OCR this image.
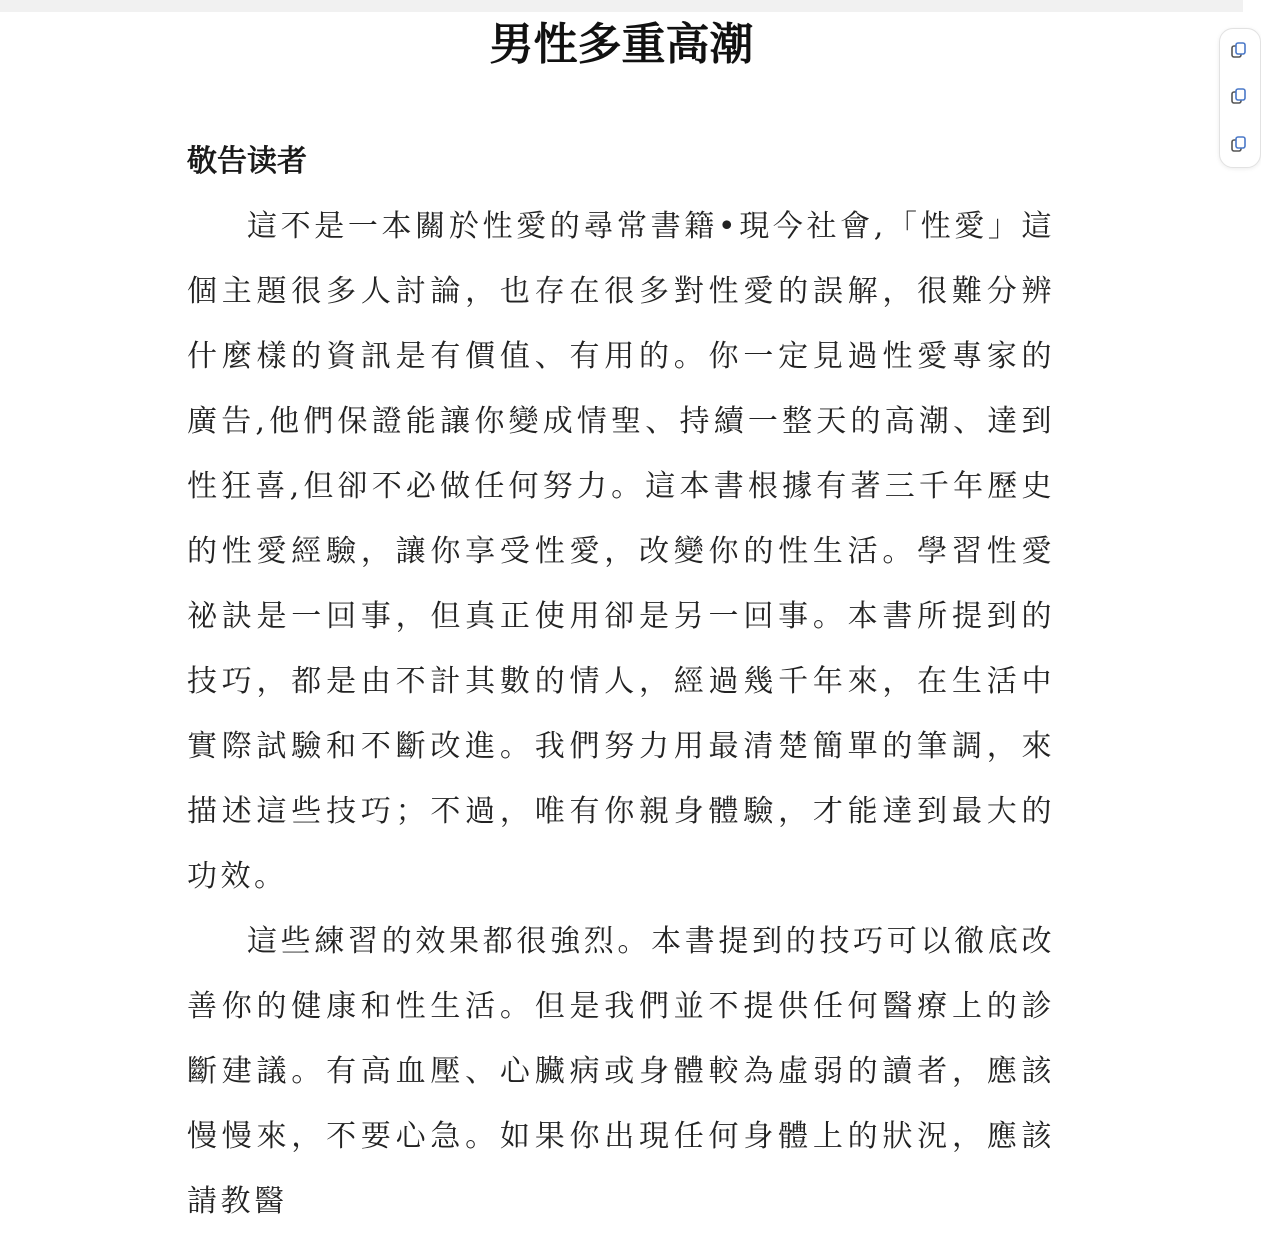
男性多重高潮
敬告读者

這不是一本關於性愛的尋常書籍•現今社會,「性愛」這個主題很多人討論，也存在很多對性愛的誤解，很難分辨什麼樣的資訊是有價值、有用的。你一定見過性愛專家的廣告,他們保證能讓你變成情聖、持續一整天的高潮、達到性狂喜,但卻不必做任何努力。這本書根據有著三千年歷史的性愛經驗，讓你享受性愛，改變你的性生活。學習性愛祕訣是一回事，但真正使用卻是另一回事。本書所提到的技巧，都是由不計其數的情人，經過幾千年來，在生活中實際試驗和不斷改進。我們努力用最清楚簡單的筆調，來描述這些技巧；不過，唯有你親身體驗，才能達到最大的功效。

這些練習的效果都很強烈。本書提到的技巧可以徹底改善你的健康和性生活。但是我們並不提供任何醫療上的診斷建議。有高血壓、心臟病或身體較為虛弱的讀者，應該慢慢來，不要心急。如果你出現任何身體上的狀況，應該請教醫
